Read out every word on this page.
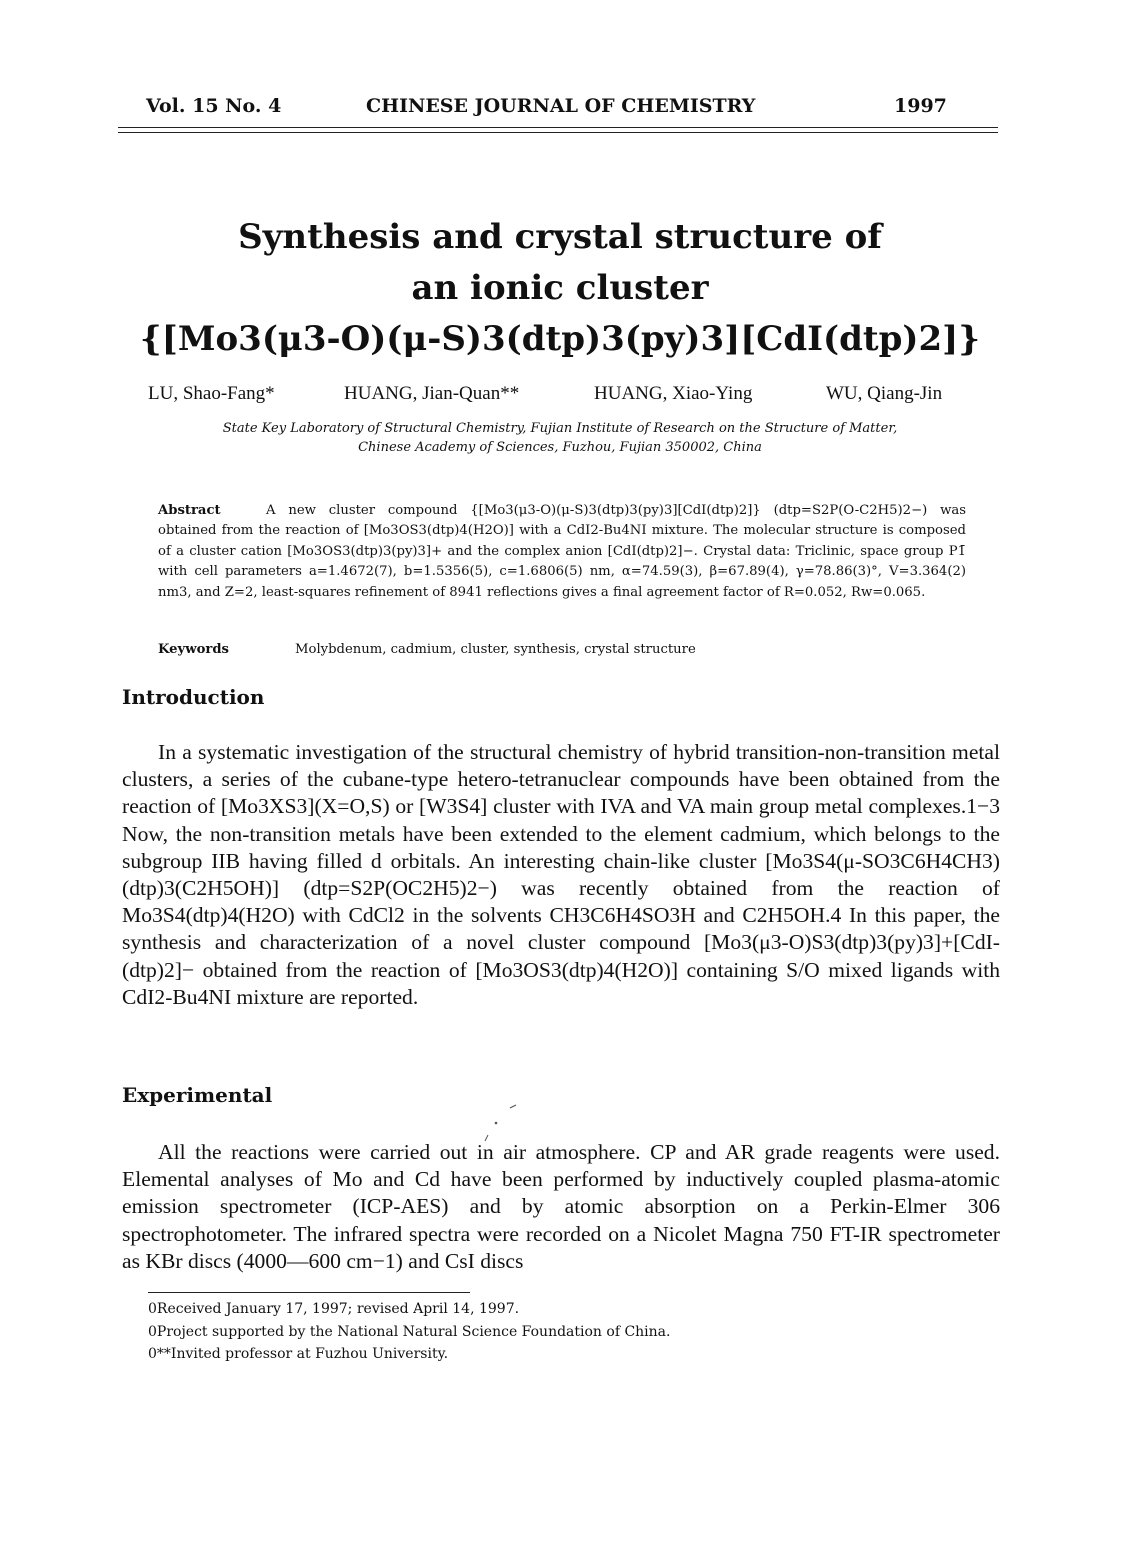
Vol. 15 No. 4	CHINESE JOURNAL OF CHEMISTRY	1997
Synthesis and crystal structure of
an ionic cluster
{[Mo3(μ3-O)(μ-S)3(dtp)3(py)3][CdI(dtp)2]}
LU, Shao-Fang*	HUANG, Jian-Quan**	HUANG, Xiao-Ying	WU, Qiang-Jin
State Key Laboratory of Structural Chemistry, Fujian Institute of Research on the Structure of Matter,
Chinese Academy of Sciences, Fuzhou, Fujian 350002, China
Abstract	A new cluster compound {[Mo3(μ3-O)(μ-S)3(dtp)3(py)3][CdI(dtp)2]} (dtp=S2P(O-C2H5)2−) was obtained from the reaction of [Mo3OS3(dtp)4(H2O)] with a CdI2-Bu4NI mixture. The molecular structure is composed of a cluster cation [Mo3OS3(dtp)3(py)3]+ and the complex anion [CdI(dtp)2]−. Crystal data: Triclinic, space group P1̄ with cell parameters a=1.4672(7), b=1.5356(5), c=1.6806(5) nm, α=74.59(3), β=67.89(4), γ=78.86(3)°, V=3.364(2) nm3, and Z=2, least-squares refinement of 8941 reflections gives a final agreement factor of R=0.052, Rw=0.065.
Keywords	Molybdenum, cadmium, cluster, synthesis, crystal structure
Introduction
In a systematic investigation of the structural chemistry of hybrid transition-non-transition metal clusters, a series of the cubane-type hetero-tetranuclear compounds have been obtained from the reaction of [Mo3XS3](X=O,S) or [W3S4] cluster with IVA and VA main group metal complexes.1−3 Now, the non-transition metals have been extended to the element cadmium, which belongs to the subgroup IIB having filled d orbitals. An interesting chain-like cluster [Mo3S4(μ-SO3C6H4CH3)(dtp)3(C2H5OH)] (dtp=S2P(OC2H5)2−) was recently obtained from the reaction of Mo3S4(dtp)4(H2O) with CdCl2 in the solvents CH3C6H4SO3H and C2H5OH.4 In this paper, the synthesis and characterization of a novel cluster compound [Mo3(μ3-O)S3(dtp)3(py)3]+[CdI-(dtp)2]− obtained from the reaction of [Mo3OS3(dtp)4(H2O)] containing S/O mixed ligands with CdI2-Bu4NI mixture are reported.
Experimental
All the reactions were carried out in air atmosphere. CP and AR grade reagents were used. Elemental analyses of Mo and Cd have been performed by inductively coupled plasma-atomic emission spectrometer (ICP-AES) and by atomic absorption on a Perkin-Elmer 306 spectrophotometer. The infrared spectra were recorded on a Nicolet Magna 750 FT-IR spectrometer as KBr discs (4000—600 cm−1) and CsI discs
0Received January 17, 1997; revised April 14, 1997.
0Project supported by the National Natural Science Foundation of China.
0**Invited professor at Fuzhou University.
